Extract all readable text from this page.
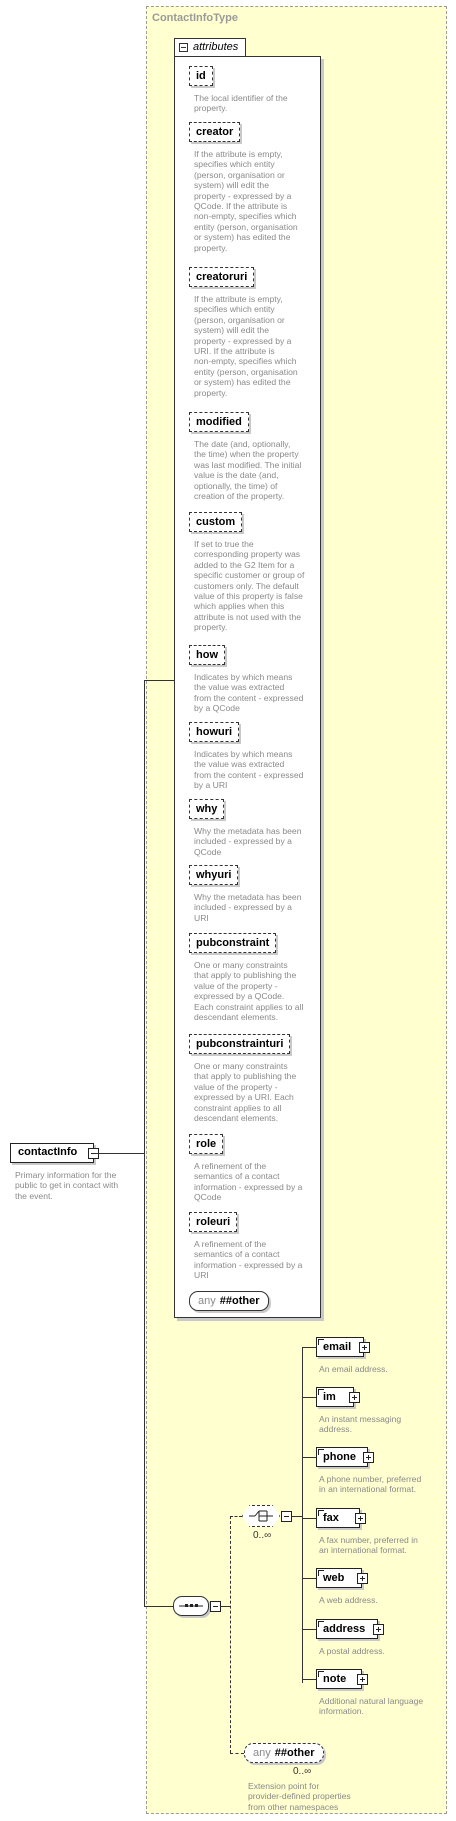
ContactInfoType
contactInfo
Primary information for the
public to get in contact with
the event.
attributes
id
The local identifier of the
property.
creator
If the attribute is empty,
specifies which entity
(person, organisation or
system) will edit the
property - expressed by a
QCode. If the attribute is
non-empty, specifies which
entity (person, organisation
or system) has edited the
property.
creatoruri
If the attribute is empty,
specifies which entity
(person, organisation or
system) will edit the
property - expressed by a
URI. If the attribute is
non-empty, specifies which
entity (person, organisation
or system) has edited the
property.
modified
The date (and, optionally,
the time) when the property
was last modified. The initial
value is the date (and,
optionally, the time) of
creation of the property.
custom
If set to true the
corresponding property was
added to the G2 Item for a
specific customer or group of
customers only. The default
value of this property is false
which applies when this
attribute is not used with the
property.
how
Indicates by which means
the value was extracted
from the content - expressed
by a QCode
howuri
Indicates by which means
the value was extracted
from the content - expressed
by a URI
why
Why the metadata has been
included - expressed by a
QCode
whyuri
Why the metadata has been
included - expressed by a
URI
pubconstraint
One or many constraints
that apply to publishing the
value of the property -
expressed by a QCode.
Each constraint applies to all
descendant elements.
pubconstrainturi
One or many constraints
that apply to publishing the
value of the property -
expressed by a URI. Each
constraint applies to all
descendant elements.
role
A refinement of the
semantics of a contact
information - expressed by a
QCode
roleuri
A refinement of the
semantics of a contact
information - expressed by a
URI
any ##other
0..∞
email
An email address.
im
An instant messaging
address.
phone
A phone number, preferred
in an international format.
fax
A fax number, preferred in
an international format.
web
A web address.
address
A postal address.
note
Additional natural language
information.
any ##other
0..∞
Extension point for
provider-defined properties
from other namespaces
